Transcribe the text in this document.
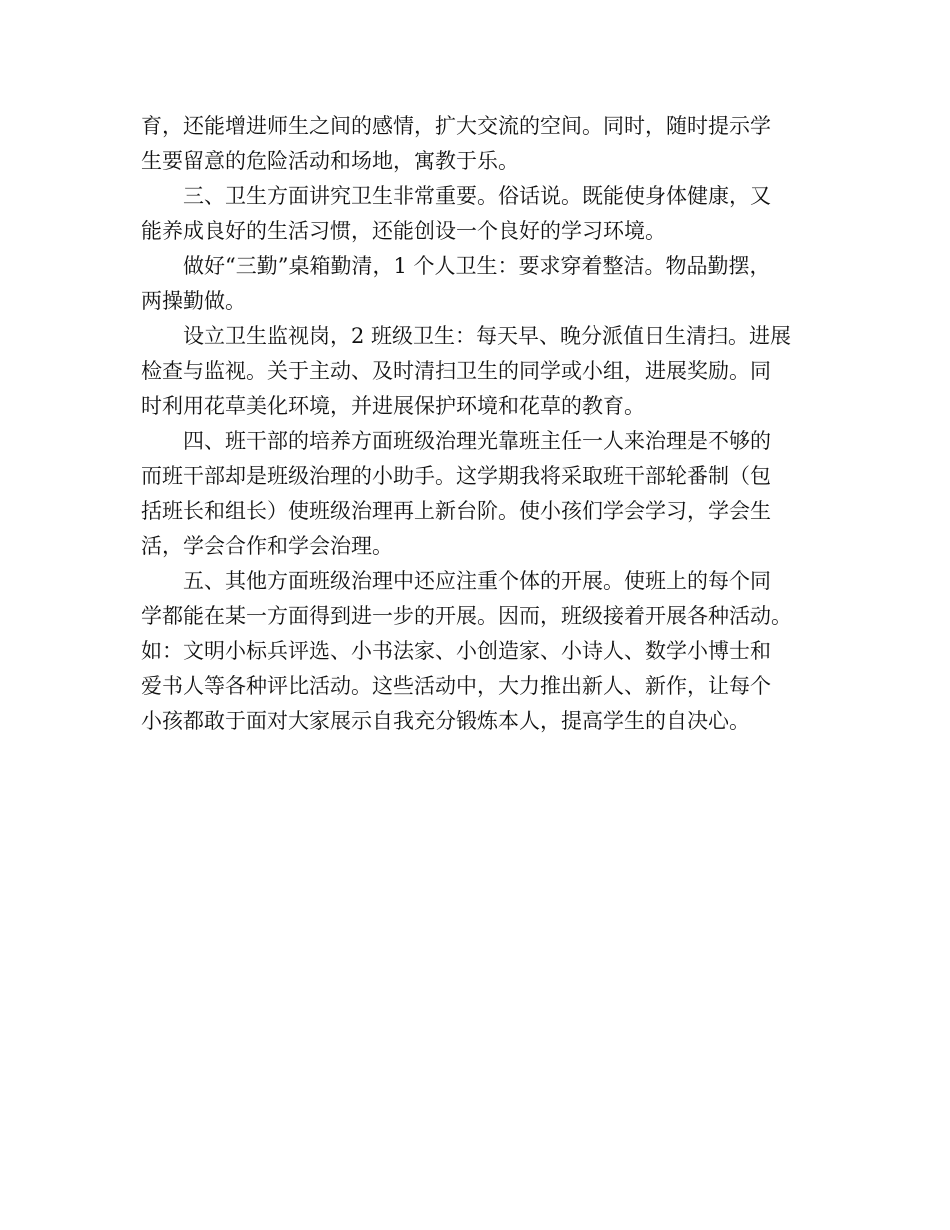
育，还能增进师生之间的感情，扩大交流的空间。同时，随时提示学
生要留意的危险活动和场地，寓教于乐。
三、卫生方面讲究卫生非常重要。俗话说。既能使身体健康，又
能养成良好的生活习惯，还能创设一个良好的学习环境。
做好“三勤”桌箱勤清，1 个人卫生：要求穿着整洁。物品勤摆，
两操勤做。
设立卫生监视岗，2 班级卫生：每天早、晚分派值日生清扫。进展
检查与监视。关于主动、及时清扫卫生的同学或小组，进展奖励。同
时利用花草美化环境，并进展保护环境和花草的教育。
四、班干部的培养方面班级治理光靠班主任一人来治理是不够的
而班干部却是班级治理的小助手。这学期我将采取班干部轮番制（包
括班长和组长）使班级治理再上新台阶。使小孩们学会学习，学会生
活，学会合作和学会治理。
五、其他方面班级治理中还应注重个体的开展。使班上的每个同
学都能在某一方面得到进一步的开展。因而，班级接着开展各种活动。
如：文明小标兵评选、小书法家、小创造家、小诗人、数学小博士和
爱书人等各种评比活动。这些活动中，大力推出新人、新作，让每个
小孩都敢于面对大家展示自我充分锻炼本人，提高学生的自决心。
